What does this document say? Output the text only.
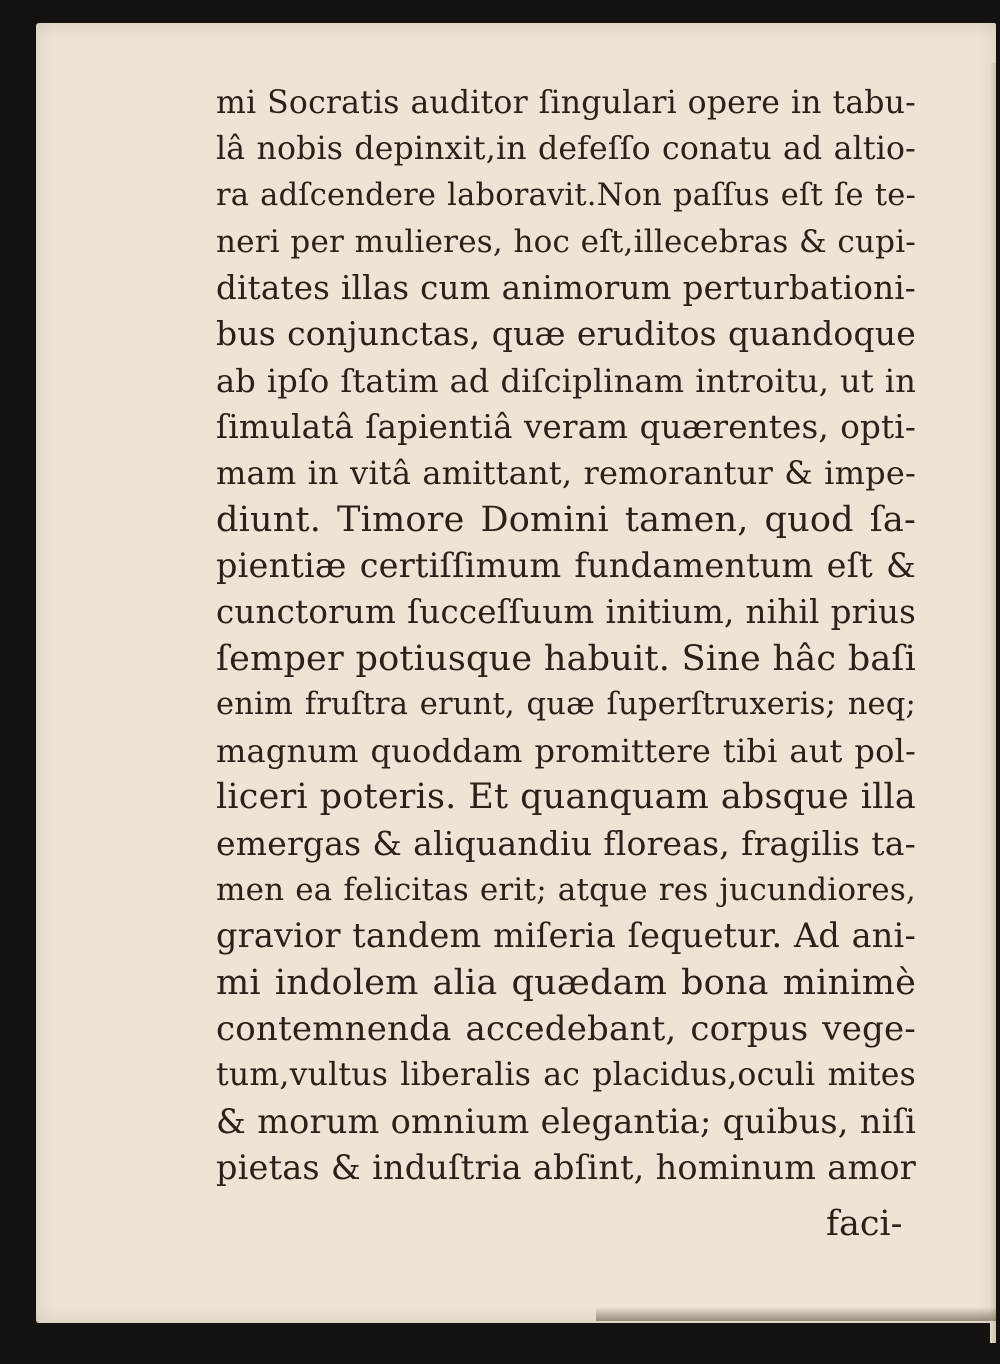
mi Socratis auditor ſingulari opere in tabu-
lâ nobis depinxit,in defeſſo conatu ad altio-
ra adſcendere laboravit.Non paſſus eſt ſe te-
neri per mulieres, hoc eſt,illecebras & cupi-
ditates illas cum animorum perturbationi-
bus conjunctas, quæ eruditos quandoque
ab ipſo ſtatim ad diſciplinam introitu, ut in
ſimulatâ ſapientiâ veram quærentes, opti-
mam in vitâ amittant, remorantur & impe-
diunt. Timore Domini tamen, quod ſa-
pientiæ certiſſimum fundamentum eſt &
cunctorum ſucceſſuum initium, nihil prius
ſemper potiusque habuit. Sine hâc baſi
enim fruſtra erunt, quæ ſuperſtruxeris; neq;
magnum quoddam promittere tibi aut pol-
liceri poteris. Et quanquam absque illa
emergas & aliquandiu floreas, fragilis ta-
men ea felicitas erit; atque res jucundiores,
gravior tandem miſeria ſequetur. Ad ani-
mi indolem alia quædam bona minimè
contemnenda accedebant, corpus vege-
tum,vultus liberalis ac placidus,oculi mites
& morum omnium elegantia; quibus, niſi
pietas & induſtria abſint, hominum amor
faci-
